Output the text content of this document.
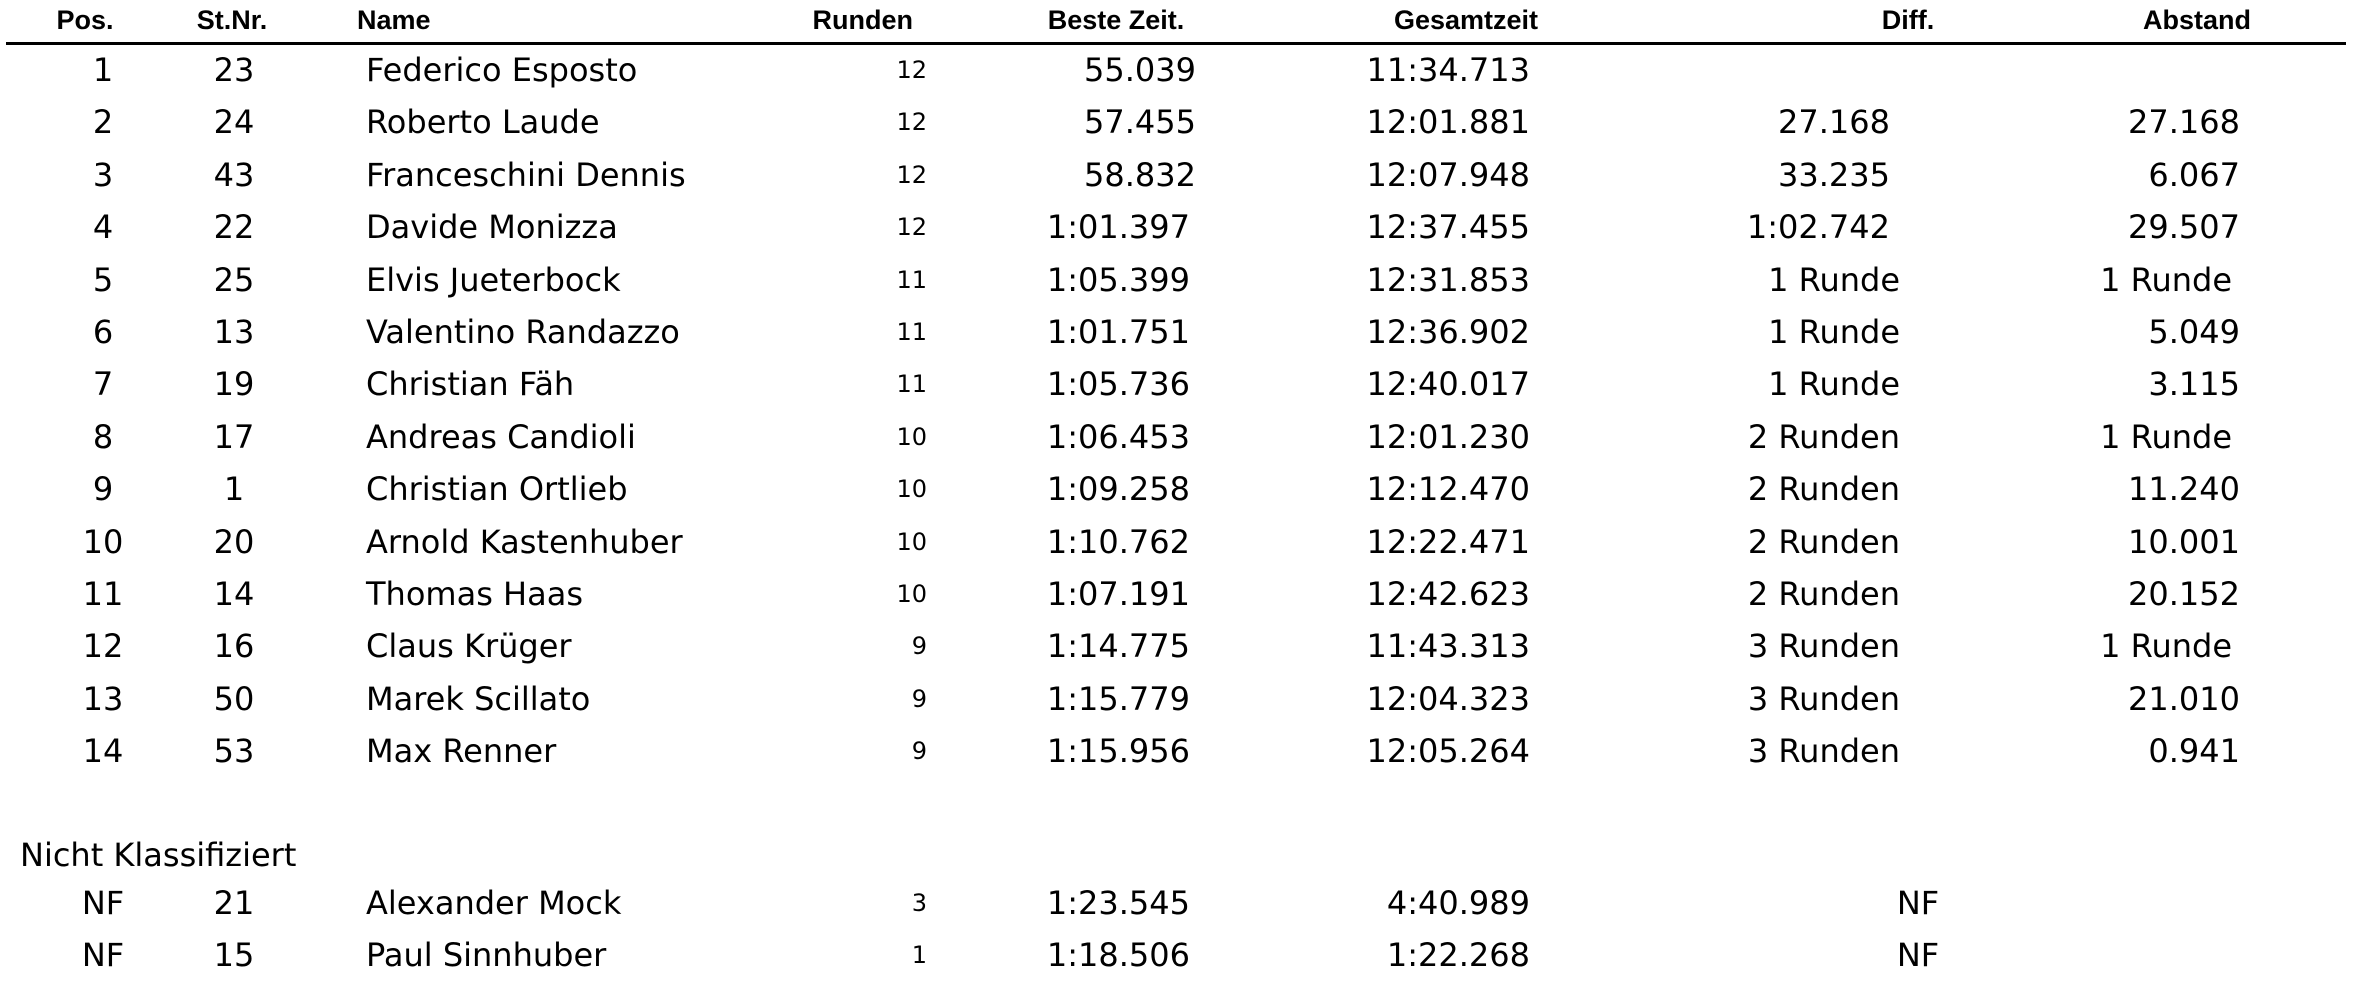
Pos.	St.Nr.	Name	Runden	Beste Zeit.	Gesamtzeit	Diff.	Abstand
1	23	Federico Esposto	12	55.039	11:34.713
2	24	Roberto Laude	12	57.455	12:01.881	27.168	27.168
3	43	Franceschini Dennis	12	58.832	12:07.948	33.235	6.067
4	22	Davide Monizza	12	1:01.397	12:37.455	1:02.742	29.507
5	25	Elvis Jueterbock	11	1:05.399	12:31.853	1 Runde	1 Runde
6	13	Valentino Randazzo	11	1:01.751	12:36.902	1 Runde	5.049
7	19	Christian Fäh	11	1:05.736	12:40.017	1 Runde	3.115
8	17	Andreas Candioli	10	1:06.453	12:01.230	2 Runden	1 Runde
9	1	Christian Ortlieb	10	1:09.258	12:12.470	2 Runden	11.240
10	20	Arnold Kastenhuber	10	1:10.762	12:22.471	2 Runden	10.001
11	14	Thomas Haas	10	1:07.191	12:42.623	2 Runden	20.152
12	16	Claus Krüger	9	1:14.775	11:43.313	3 Runden	1 Runde
13	50	Marek Scillato	9	1:15.779	12:04.323	3 Runden	21.010
14	53	Max Renner	9	1:15.956	12:05.264	3 Runden	0.941
Nicht Klassifiziert
NF	21	Alexander Mock	3	1:23.545	4:40.989	NF
NF	15	Paul Sinnhuber	1	1:18.506	1:22.268	NF
